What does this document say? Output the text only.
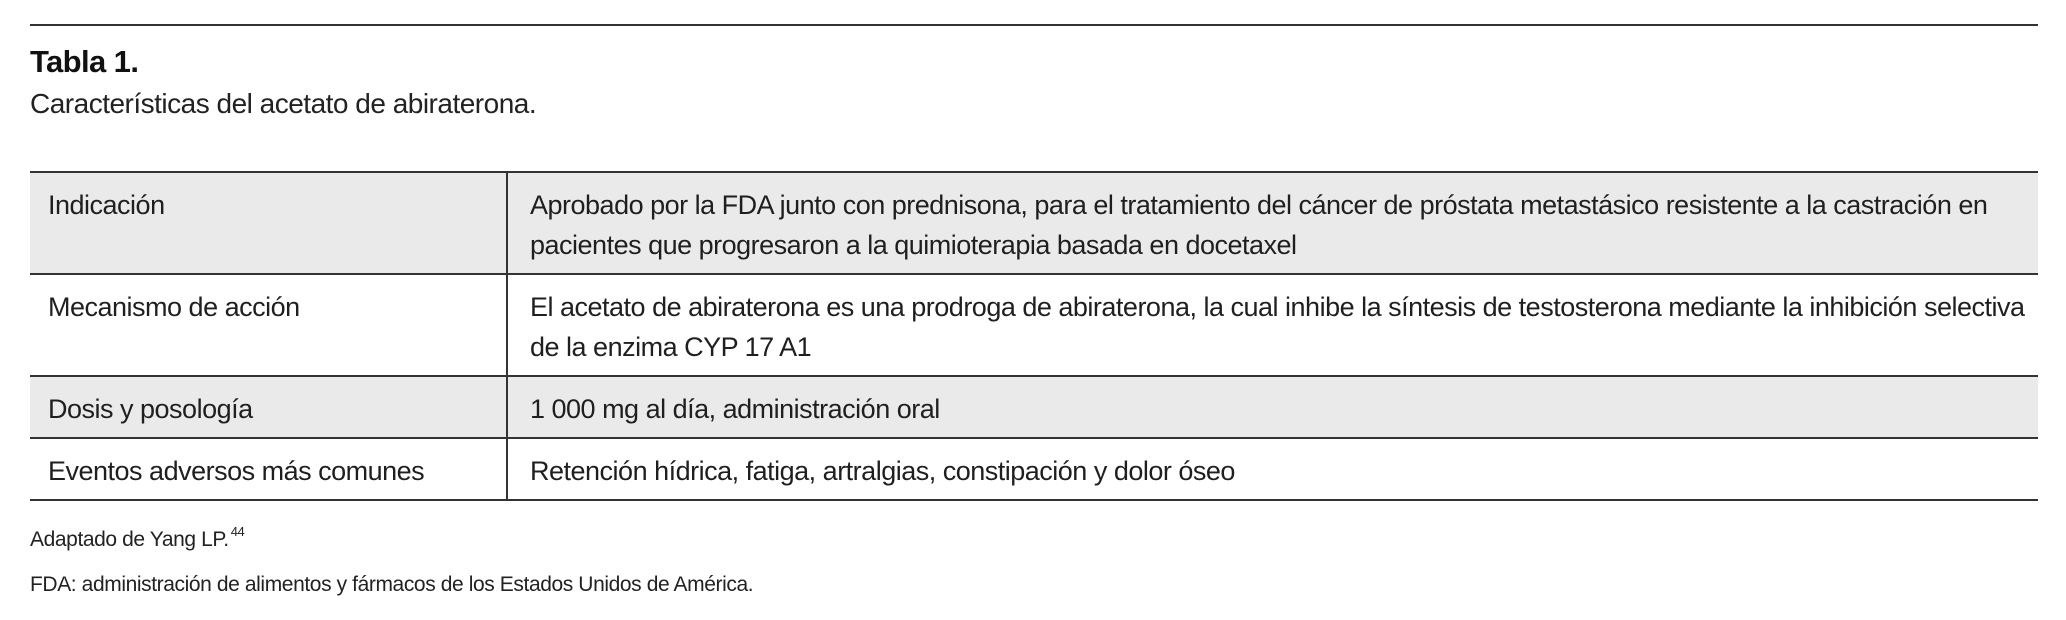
Tabla 1.
Características del acetato de abiraterona.
Indicación	Aprobado por la FDA junto con prednisona, para el tratamiento del cáncer de próstata metastásico resistente a la castración en pacientes que progresaron a la quimioterapia basada en docetaxel
Mecanismo de acción	El acetato de abiraterona es una prodroga de abiraterona, la cual inhibe la síntesis de testosterona mediante la inhibición selectiva de la enzima CYP 17 A1
Dosis y posología	1 000 mg al día, administración oral
Eventos adversos más comunes	Retención hídrica, fatiga, artralgias, constipación y dolor óseo
Adaptado de Yang LP. $^{44}$
FDA: administración de alimentos y fármacos de los Estados Unidos de América.
